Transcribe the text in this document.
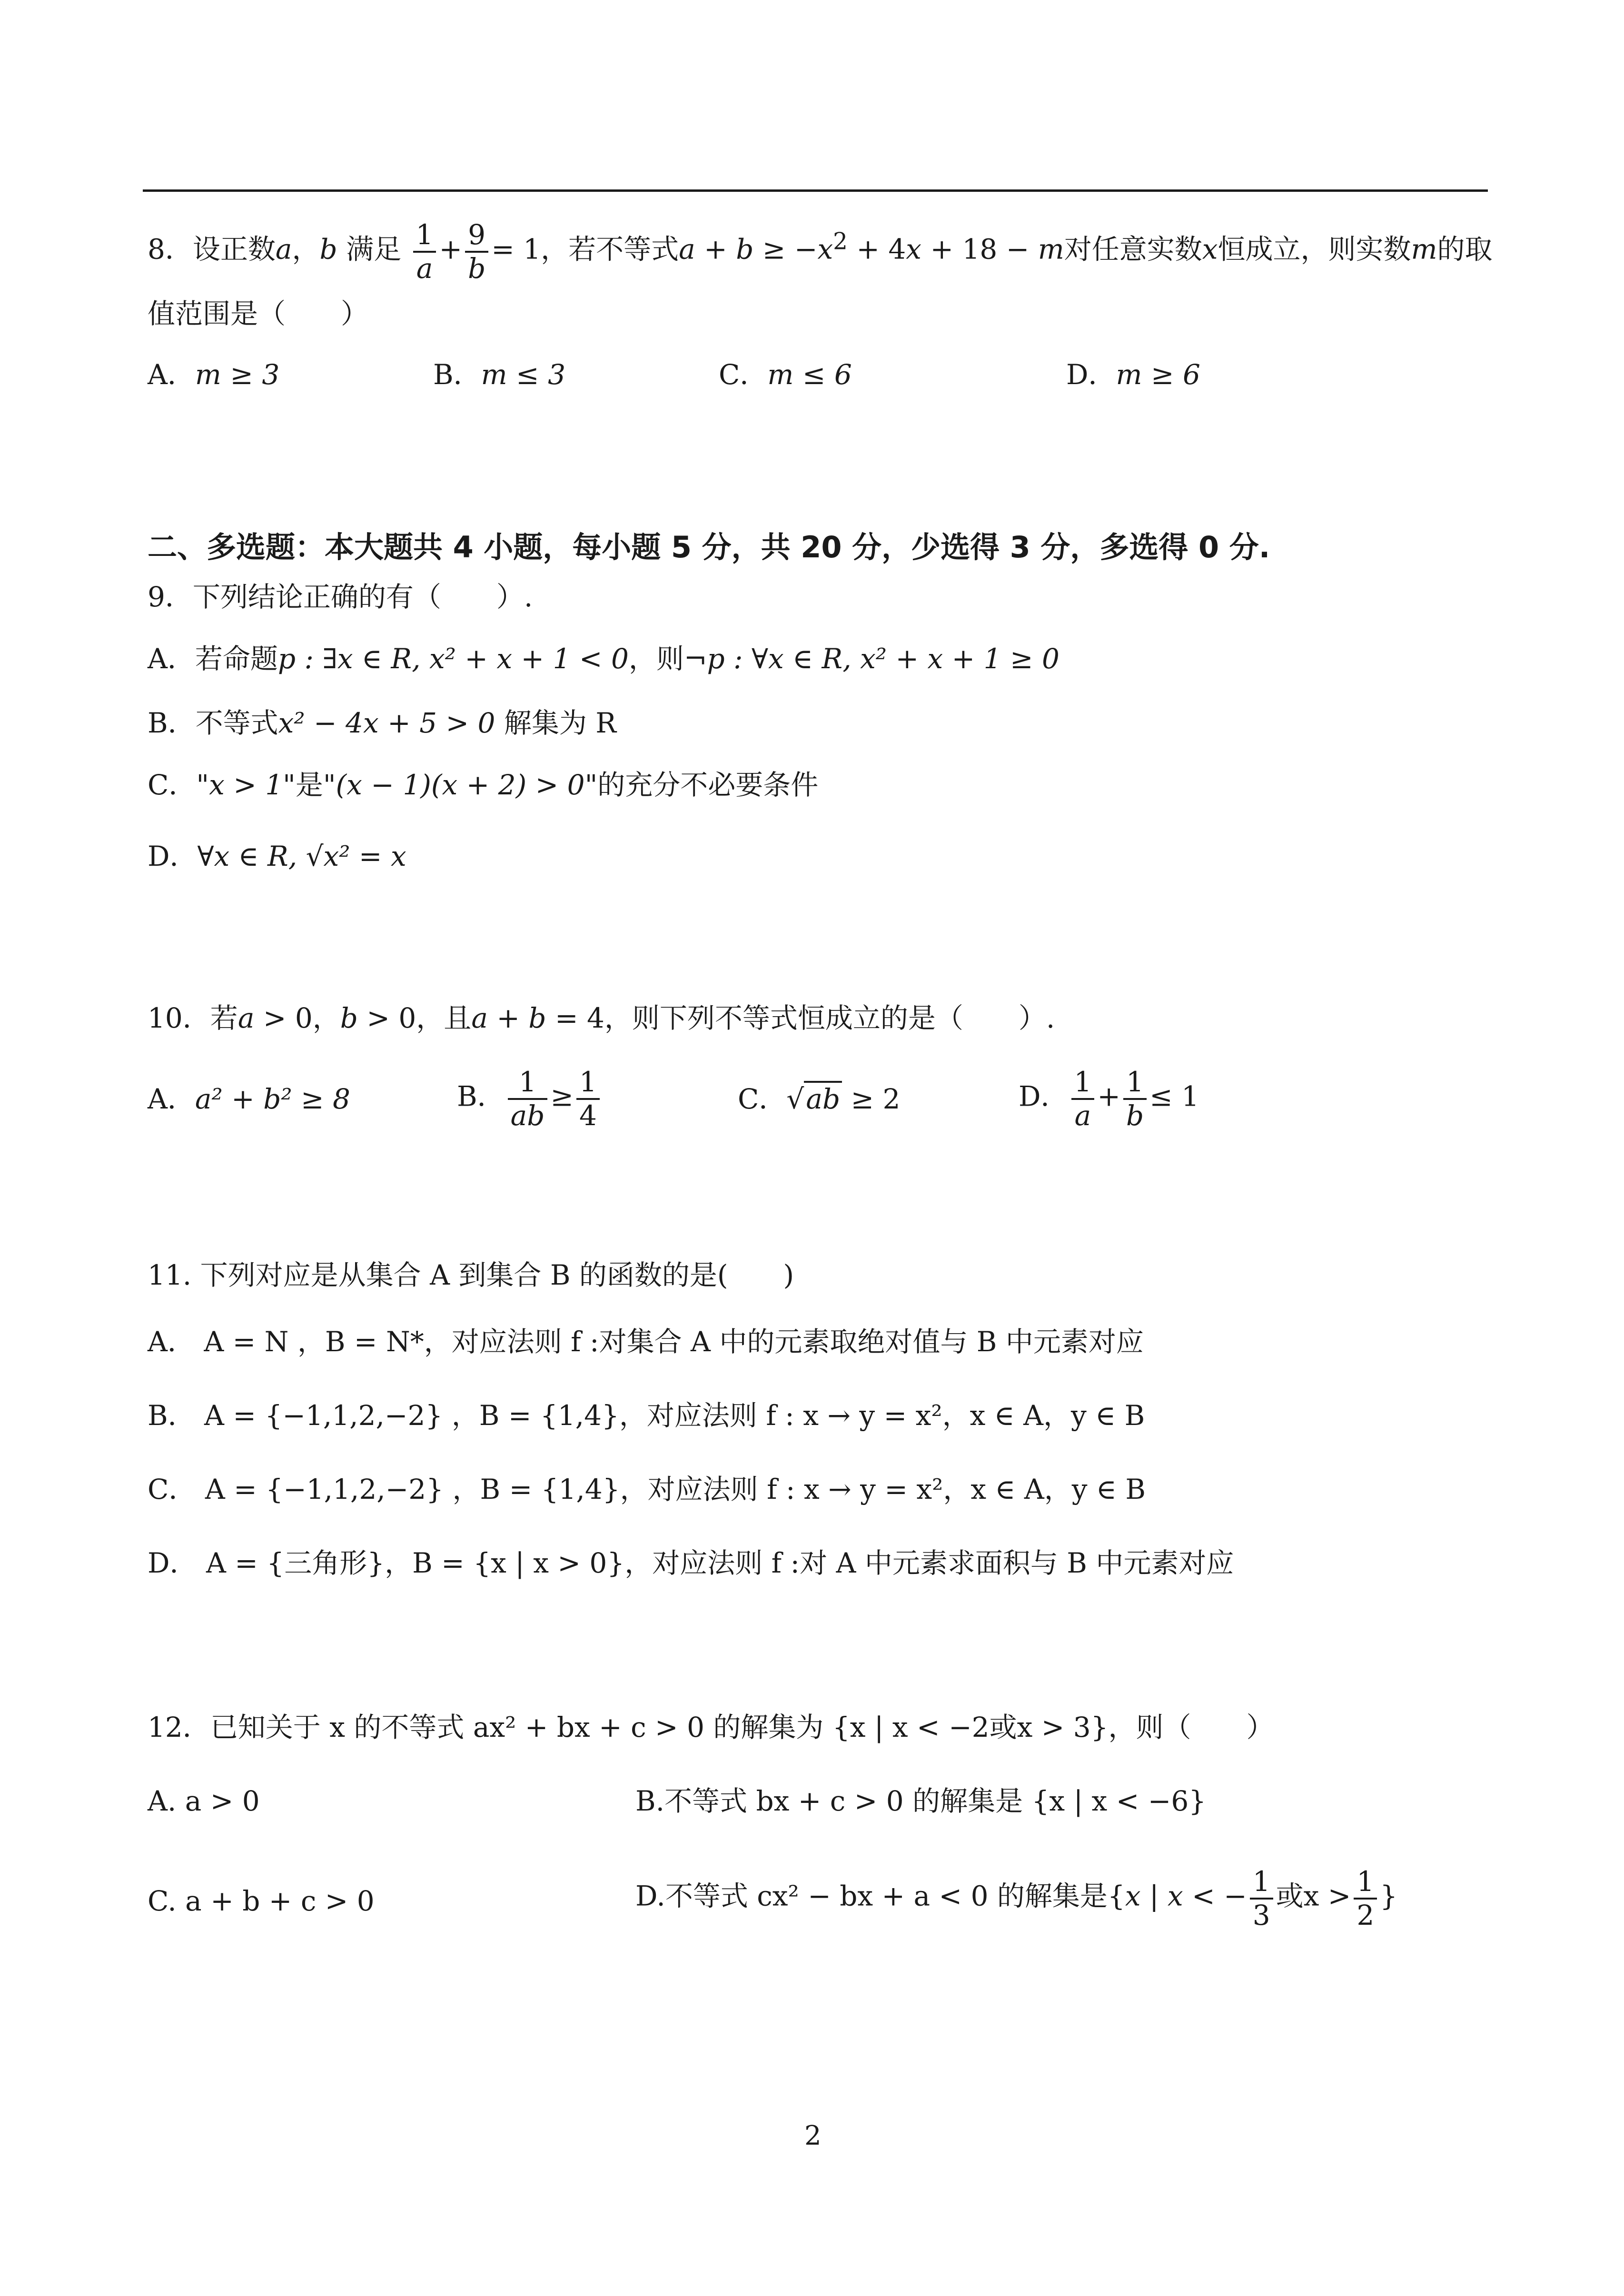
8．设正数a，b 满足 $\frac{1}{a} + \frac{9}{b} = 1$，若不等式$a + b \ge -x^2 + 4x + 18 - m$对任意实数x恒成立，则实数m的取
值范围是（　　）
A．m ≥ 3	B．m ≤ 3	C．m ≤ 6	D．m ≥ 6
二、多选题：本大题共 4 小题，每小题 5 分，共 20 分，少选得 3 分，多选得 0 分.
9．下列结论正确的有（　　）.
A．若命题p : ∃x ∈ R, x² + x + 1 < 0，则¬p : ∀x ∈ R, x² + x + 1 ≥ 0
B．不等式x² − 4x + 5 > 0 解集为 R
C．"x > 1"是"(x − 1)(x + 2) > 0"的充分不必要条件
D．∀x ∈ R, √x² = x
10．若a > 0，b > 0，且a + b = 4，则下列不等式恒成立的是（　　）.
A．a² + b² ≥ 8	B． $\frac{1}{ab} \ge \frac{1}{4}$	C．√ab ≥ 2	D． $\frac{1}{a} + \frac{1}{b} \le 1$
11. 下列对应是从集合 A 到集合 B 的函数的是(　　)
A． A = N ，B = N*，对应法则 f :对集合 A 中的元素取绝对值与 B 中元素对应
B． A = {−1,1,2,−2} ，B = {1,4}，对应法则 f : x → y = x²，x ∈ A，y ∈ B
C． A = {−1,1,2,−2} ，B = {1,4}，对应法则 f : x → y = x²，x ∈ A，y ∈ B
D． A = {三角形}，B = {x | x > 0}，对应法则 f :对 A 中元素求面积与 B 中元素对应
12．已知关于 x 的不等式 ax² + bx + c > 0 的解集为 {x | x < −2或x > 3}，则（　　）
A. a > 0	B.不等式 bx + c > 0 的解集是 {x | x < −6}
C. a + b + c > 0	D.不等式 cx² − bx + a < 0 的解集是{x | x < − $\frac{1}{3}$ 或$x > \frac{1}{2}$ }
2
